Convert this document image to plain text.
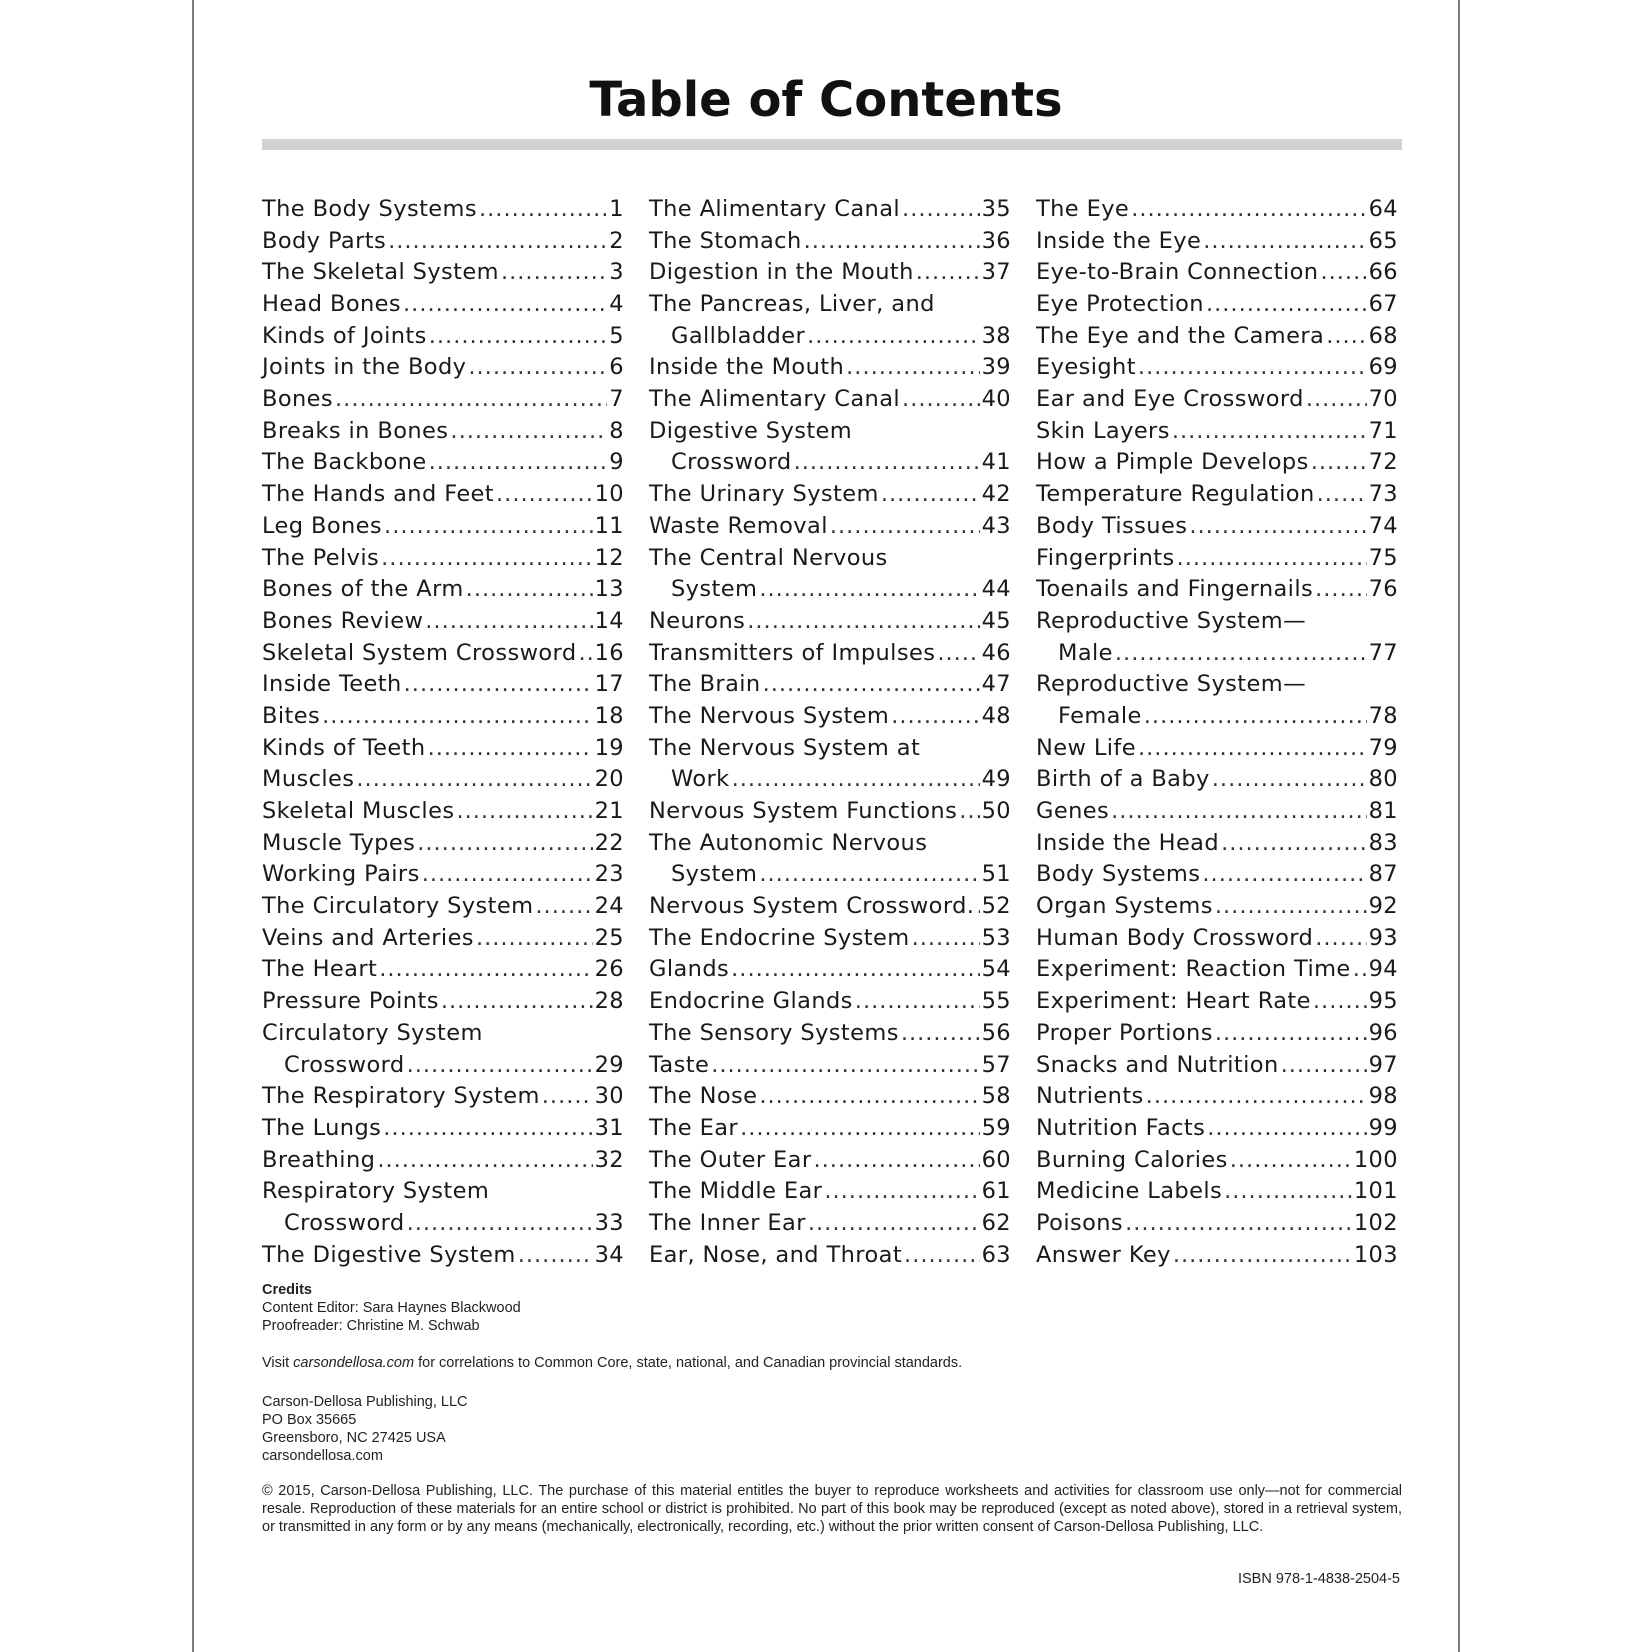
Table of Contents
The Body Systems .....	1
Body Parts .....	2
The Skeletal System .....	3
Head Bones .....	4
Kinds of Joints .....	5
Joints in the Body .....	6
Bones .....	7
Breaks in Bones .....	8
The Backbone .....	9
The Hands and Feet .....	10
Leg Bones .....	11
The Pelvis .....	12
Bones of the Arm .....	13
Bones Review .....	14
Skeletal System Crossword ..... 16
Inside Teeth .....	17
Bites .....	18
Kinds of Teeth .....	19
Muscles .....	20
Skeletal Muscles .....	21
Muscle Types .....	22
Working Pairs .....	23
The Circulatory System .....	24
Veins and Arteries .....	25
The Heart .....	26
Pressure Points .....	28
Circulatory System
Crossword .....	29
The Respiratory System ..... 30
The Lungs .....	31
Breathing .....	32
Respiratory System
Crossword .....	33
The Digestive System .....	34
The Alimentary Canal .....	35
The Stomach .....	36
Digestion in the Mouth .....	37
The Pancreas, Liver, and
Gallbladder .....	38
Inside the Mouth .....	39
The Alimentary Canal .....	40
Digestive System
Crossword .....	41
The Urinary System .....	42
Waste Removal .....	43
The Central Nervous
System .....	44
Neurons .....	45
Transmitters of Impulses ..... 46
The Brain .....	47
The Nervous System .....	48
The Nervous System at
Work .....	49
Nervous System Functions ..... 50
The Autonomic Nervous
System .....	51
Nervous System Crossword. ..... 52
The Endocrine System .....	53
Glands .....	54
Endocrine Glands .....	55
The Sensory Systems .....	56
Taste .....	57
The Nose .....	58
The Ear .....	59
The Outer Ear .....	60
The Middle Ear .....	61
The Inner Ear .....	62
Ear, Nose, and Throat .....	63
The Eye .....	64
Inside the Eye .....	65
Eye-to-Brain Connection ..... 66
Eye Protection .....	67
The Eye and the Camera ..... 68
Eyesight .....	69
Ear and Eye Crossword .....	70
Skin Layers .....	71
How a Pimple Develops .....	72
Temperature Regulation ..... 73
Body Tissues .....	74
Fingerprints .....	75
Toenails and Fingernails ..... 76
Reproductive System—
Male .....	77
Reproductive System—
Female .....	78
New Life .....	79
Birth of a Baby .....	80
Genes .....	81
Inside the Head .....	83
Body Systems .....	87
Organ Systems .....	92
Human Body Crossword ..... 93
Experiment: Reaction Time ..... 94
Experiment: Heart Rate .....	95
Proper Portions .....	96
Snacks and Nutrition .....	97
Nutrients .....	98
Nutrition Facts .....	99
Burning Calories .....	100
Medicine Labels .....	101
Poisons .....	102
Answer Key .....	103
Credits
Content Editor: Sara Haynes Blackwood
Proofreader: Christine M. Schwab
Visit carsondellosa.com for correlations to Common Core, state, national, and Canadian provincial standards.
Carson-Dellosa Publishing, LLC
PO Box 35665
Greensboro, NC 27425 USA
carsondellosa.com
© 2015, Carson-Dellosa Publishing, LLC. The purchase of this material entitles the buyer to reproduce worksheets and activities for classroom use only—not for commercial resale. Reproduction of these materials for an entire school or district is prohibited. No part of this book may be reproduced (except as noted above), stored in a retrieval system, or transmitted in any form or by any means (mechanically, electronically, recording, etc.) without the prior written consent of Carson-Dellosa Publishing, LLC.
ISBN 978-1-4838-2504-5
